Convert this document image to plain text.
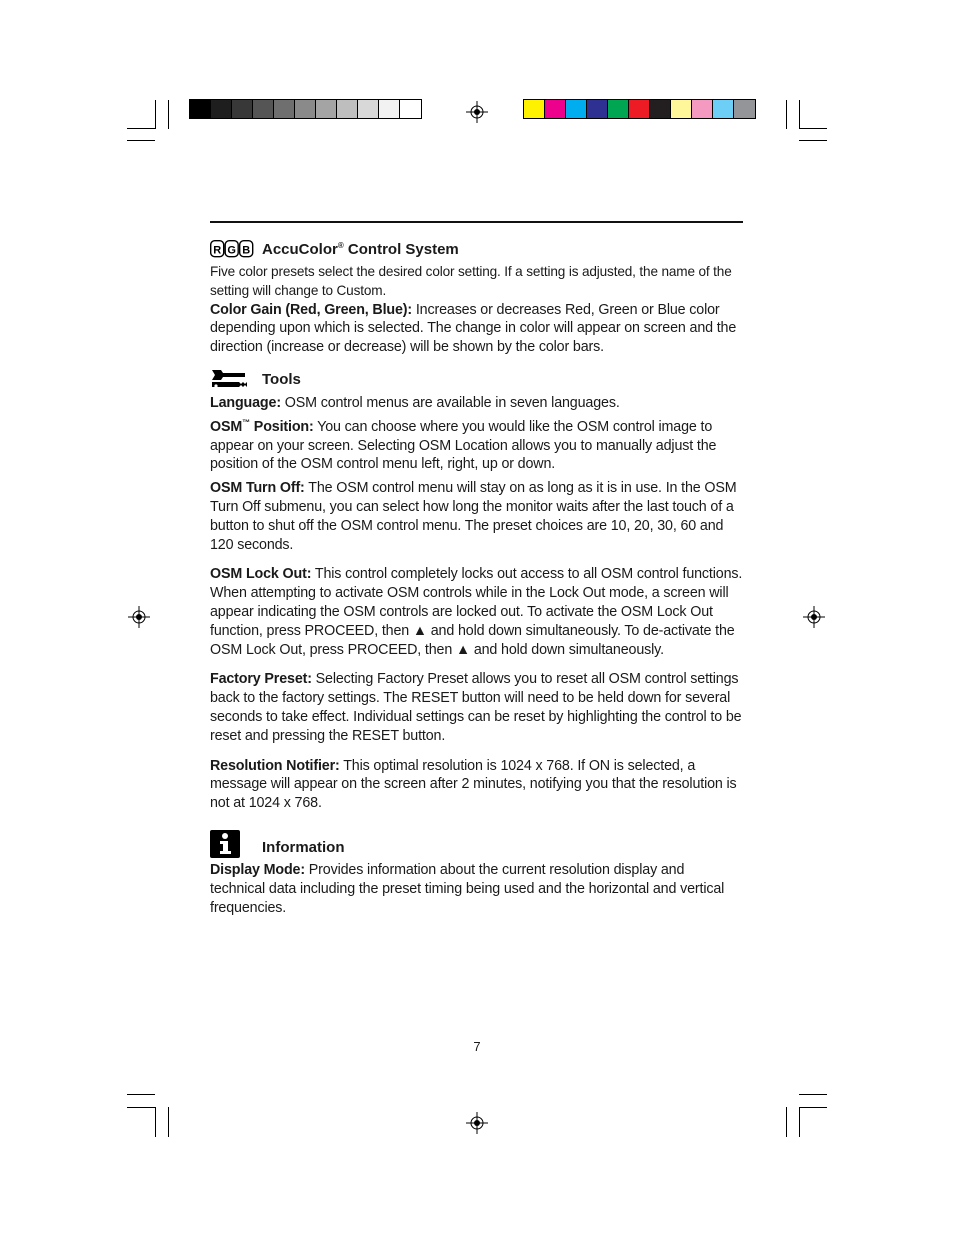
R G B AccuColor® Control System

Five color presets select the desired color setting. If a setting is adjusted, the name of the setting will change to Custom.

Color Gain (Red, Green, Blue): Increases or decreases Red, Green or Blue color depending upon which is selected. The change in color will appear on screen and the direction (increase or decrease) will be shown by the color bars.

Tools

Language: OSM control menus are available in seven languages.

OSM™ Position: You can choose where you would like the OSM control image to appear on your screen. Selecting OSM Location allows you to manually adjust the position of the OSM control menu left, right, up or down.

OSM Turn Off: The OSM control menu will stay on as long as it is in use. In the OSM Turn Off submenu, you can select how long the monitor waits after the last touch of a button to shut off the OSM control menu. The preset choices are 10, 20, 30, 60 and 120 seconds.

OSM Lock Out: This control completely locks out access to all OSM control functions. When attempting to activate OSM controls while in the Lock Out mode, a screen will appear indicating the OSM controls are locked out. To activate the OSM Lock Out function, press PROCEED, then ▲ and hold down simultaneously. To de-activate the OSM Lock Out, press PROCEED, then ▲ and hold down simultaneously.

Factory Preset: Selecting Factory Preset allows you to reset all OSM control settings back to the factory settings. The RESET button will need to be held down for several seconds to take effect. Individual settings can be reset by highlighting the control to be reset and pressing the RESET button.

Resolution Notifier: This optimal resolution is 1024 x 768. If ON is selected, a message will appear on the screen after 2 minutes, notifying you that the resolution is not at 1024 x 768.

Information

Display Mode: Provides information about the current resolution display and technical data including the preset timing being used and the horizontal and vertical frequencies.

7
